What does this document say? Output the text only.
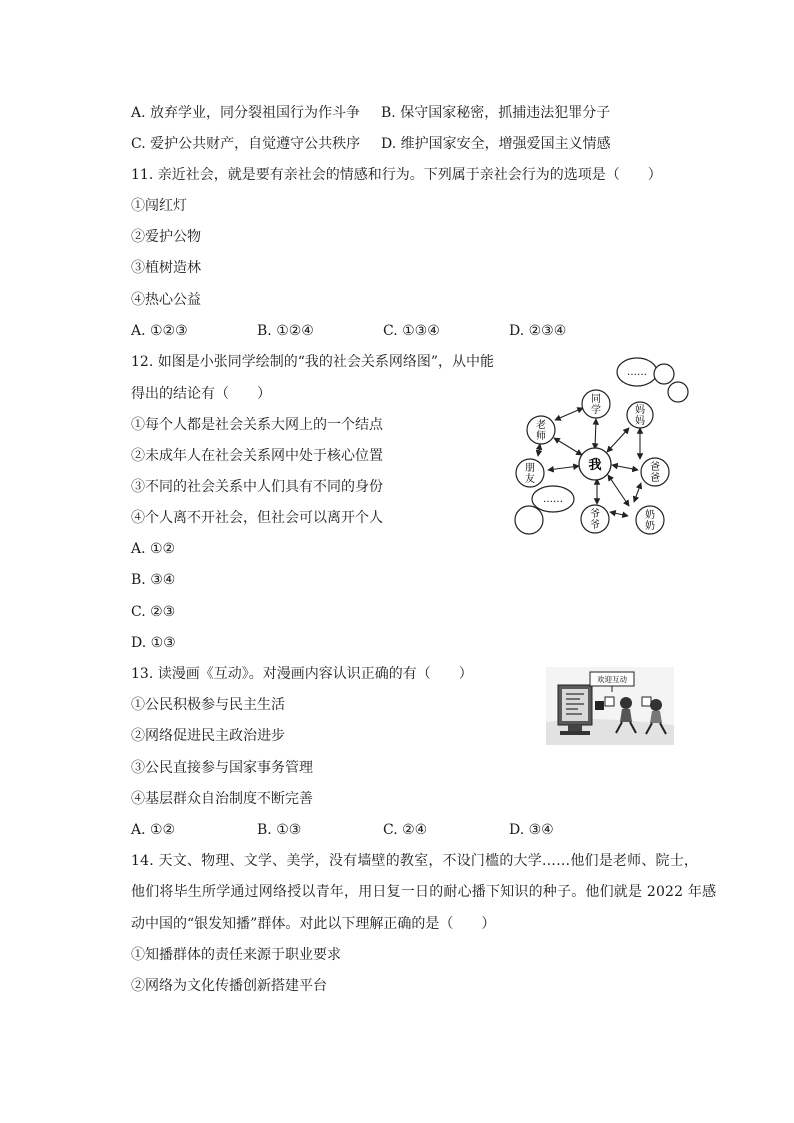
A. 放弃学业，同分裂祖国行为作斗争 B. 保守国家秘密，抓捕违法犯罪分子
C. 爱护公共财产，自觉遵守公共秩序 D. 维护国家安全，增强爱国主义情感
11. 亲近社会，就是要有亲社会的情感和行为。下列属于亲社会行为的选项是（　　）
①闯红灯
②爱护公物
③植树造林
④热心公益
A. ①②③	B. ①②④	C. ①③④	D. ②③④
12. 如图是小张同学绘制的“我的社会关系网络图”，从中能
得出的结论有（　　）
①每个人都是社会关系大网上的一个结点
②未成年人在社会关系网中处于核心位置
③不同的社会关系中人们具有不同的身份
④个人离不开社会，但社会可以离开个人
A. ①②
B. ③④
C. ②③
D. ①③
……
同
学	妈
妈
老
师
我
朋
友
爸
爸
……
爷
爷
奶
奶
13. 读漫画《互动》。对漫画内容认识正确的有（　　）
①公民积极参与民主生活
②网络促进民主政治进步
③公民直接参与国家事务管理
④基层群众自治制度不断完善
A. ①②	B. ①③	C. ②④	D. ③④
欢迎互动
14. 天文、物理、文学、美学，没有墙壁的教室，不设门槛的大学……他们是老师、院士，
他们将毕生所学通过网络授以青年，用日复一日的耐心播下知识的种子。他们就是 2022 年感
动中国的“银发知播”群体。对此以下理解正确的是（　　）
①知播群体的责任来源于职业要求
②网络为文化传播创新搭建平台
